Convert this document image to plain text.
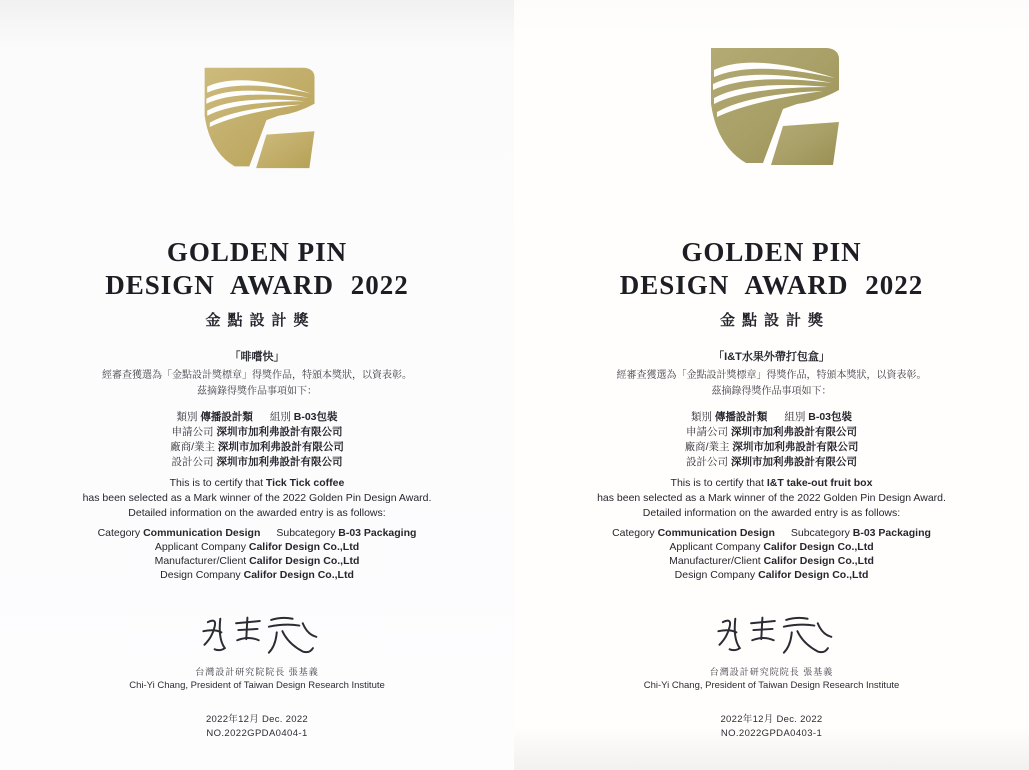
GOLDEN PIN
DESIGN AWARD 2022
金點設計獎
「啡嚐快」
經審查獲選為「金點設計獎標章」得獎作品，特頒本獎狀，以資表彰。
茲摘錄得獎作品事項如下：
類別 傳播設計類 組別 B-03包裝
申請公司 深圳市加利弗設計有限公司
廠商/業主 深圳市加利弗設計有限公司
設計公司 深圳市加利弗設計有限公司
This is to certify that Tick Tick coffee
has been selected as a Mark winner of the 2022 Golden Pin Design Award.
Detailed information on the awarded entry is as follows:
Category Communication Design Subcategory B-03 Packaging
Applicant Company Califor Design Co.,Ltd
Manufacturer/Client Califor Design Co.,Ltd
Design Company Califor Design Co.,Ltd
台灣設計研究院院長 張基義
Chi-Yi Chang, President of Taiwan Design Research Institute
2022年12月 Dec. 2022
NO.2022GPDA0404-1
GOLDEN PIN
DESIGN AWARD 2022
金點設計獎
「I&T水果外帶打包盒」
經審查獲選為「金點設計獎標章」得獎作品，特頒本獎狀，以資表彰。
茲摘錄得獎作品事項如下：
類別 傳播設計類 組別 B-03包裝
申請公司 深圳市加利弗設計有限公司
廠商/業主 深圳市加利弗設計有限公司
設計公司 深圳市加利弗設計有限公司
This is to certify that I&T take-out fruit box
has been selected as a Mark winner of the 2022 Golden Pin Design Award.
Detailed information on the awarded entry is as follows:
Category Communication Design Subcategory B-03 Packaging
Applicant Company Califor Design Co.,Ltd
Manufacturer/Client Califor Design Co.,Ltd
Design Company Califor Design Co.,Ltd
台灣設計研究院院長 張基義
Chi-Yi Chang, President of Taiwan Design Research Institute
2022年12月 Dec. 2022
NO.2022GPDA0403-1
